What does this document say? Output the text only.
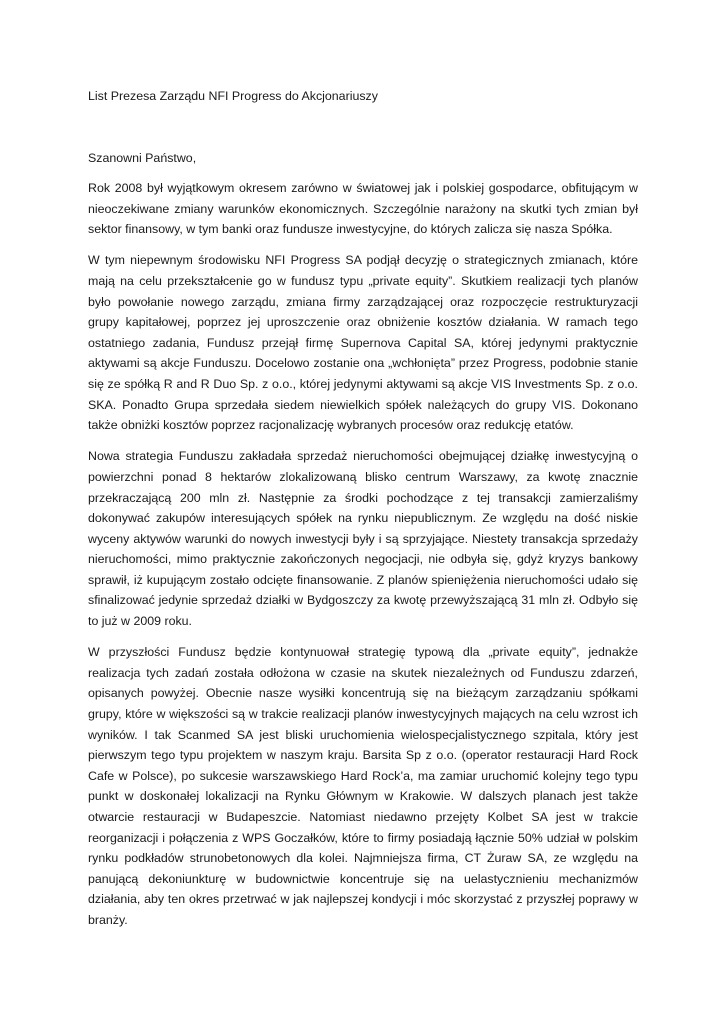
List Prezesa Zarządu NFI Progress do Akcjonariuszy

Szanowni Państwo,

Rok 2008 był wyjątkowym okresem zarówno w światowej jak i polskiej gospodarce, obfitującym w nieoczekiwane zmiany warunków ekonomicznych. Szczególnie narażony na skutki tych zmian był sektor finansowy, w tym banki oraz fundusze inwestycyjne, do których zalicza się nasza Spółka.

W tym niepewnym środowisku NFI Progress SA podjął decyzję o strategicznych zmianach, które mają na celu przekształcenie go w fundusz typu „private equity”. Skutkiem realizacji tych planów było powołanie nowego zarządu, zmiana firmy zarządzającej oraz rozpoczęcie restrukturyzacji grupy kapitałowej, poprzez jej uproszczenie oraz obniżenie kosztów działania. W ramach tego ostatniego zadania, Fundusz przejął firmę Supernova Capital SA, której jedynymi praktycznie aktywami są akcje Funduszu. Docelowo zostanie ona „wchłonięta” przez Progress, podobnie stanie się ze spółką R and R Duo Sp. z o.o., której jedynymi aktywami są akcje VIS Investments Sp. z o.o. SKA. Ponadto Grupa sprzedała siedem niewielkich spółek należących do grupy VIS. Dokonano także obniżki kosztów poprzez racjonalizację wybranych procesów oraz redukcję etatów.

Nowa strategia Funduszu zakładała sprzedaż nieruchomości obejmującej działkę inwestycyjną o powierzchni ponad 8 hektarów zlokalizowaną blisko centrum Warszawy, za kwotę znacznie przekraczającą 200 mln zł. Następnie za środki pochodzące z tej transakcji zamierzaliśmy dokonywać zakupów interesujących spółek na rynku niepublicznym. Ze względu na dość niskie wyceny aktywów warunki do nowych inwestycji były i są sprzyjające. Niestety transakcja sprzedaży nieruchomości, mimo praktycznie zakończonych negocjacji, nie odbyła się, gdyż kryzys bankowy sprawił, iż kupującym zostało odcięte finansowanie. Z planów spieniężenia nieruchomości udało się sfinalizować jedynie sprzedaż działki w Bydgoszczy za kwotę przewyższającą 31 mln zł. Odbyło się to już w 2009 roku.

W przyszłości Fundusz będzie kontynuował strategię typową dla „private equity”, jednakże realizacja tych zadań została odłożona w czasie na skutek niezależnych od Funduszu zdarzeń, opisanych powyżej. Obecnie nasze wysiłki koncentrują się na bieżącym zarządzaniu spółkami grupy, które w większości są w trakcie realizacji planów inwestycyjnych mających na celu wzrost ich wyników. I tak Scanmed SA jest bliski uruchomienia wielospecjalistycznego szpitala, który jest pierwszym tego typu projektem w naszym kraju. Barsita Sp z o.o. (operator restauracji Hard Rock Cafe w Polsce), po sukcesie warszawskiego Hard Rock’a, ma zamiar uruchomić kolejny tego typu punkt w doskonałej lokalizacji na Rynku Głównym w Krakowie. W dalszych planach jest także otwarcie restauracji w Budapeszcie. Natomiast niedawno przejęty Kolbet SA jest w trakcie reorganizacji i połączenia z WPS Goczałków, które to firmy posiadają łącznie 50% udział w polskim rynku podkładów strunobetonowych dla kolei. Najmniejsza firma, CT Żuraw SA, ze względu na panującą dekoniunkturę w budownictwie koncentruje się na uelastycznieniu mechanizmów działania, aby ten okres przetrwać w jak najlepszej kondycji i móc skorzystać z przyszłej poprawy w branży.
